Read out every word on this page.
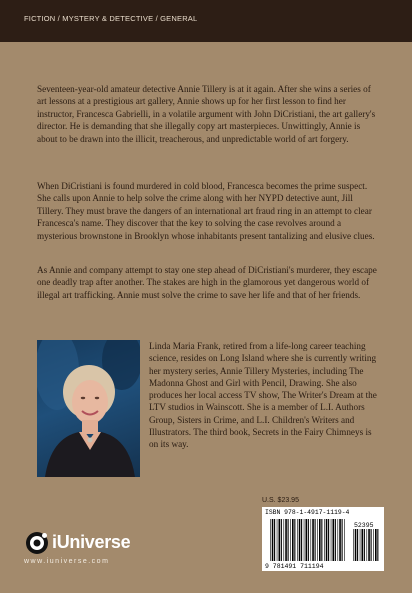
FICTION / MYSTERY & DETECTIVE / GENERAL

Seventeen-year-old amateur detective Annie Tillery is at it again. After she wins a series of art lessons at a prestigious art gallery, Annie shows up for her first lesson to find her instructor, Francesca Gabrielli, in a volatile argument with John DiCristiani, the art gallery's director. He is demanding that she illegally copy art masterpieces. Unwittingly, Annie is about to be drawn into the illicit, treacherous, and unpredictable world of art forgery.

When DiCristiani is found murdered in cold blood, Francesca becomes the prime suspect. She calls upon Annie to help solve the crime along with her NYPD detective aunt, Jill Tillery. They must brave the dangers of an international art fraud ring in an attempt to clear Francesca's name. They discover that the key to solving the case revolves around a mysterious brownstone in Brooklyn whose inhabitants present tantalizing and elusive clues.

As Annie and company attempt to stay one step ahead of DiCristiani's murderer, they escape one deadly trap after another. The stakes are high in the glamorous yet dangerous world of illegal art trafficking. Annie must solve the crime to save her life and that of her friends.

Linda Maria Frank, retired from a life-long career teaching science, resides on Long Island where she is currently writing her mystery series, Annie Tillery Mysteries, including The Madonna Ghost and Girl with Pencil, Drawing. She also produces her local access TV show, The Writer's Dream at the LTV studios in Wainscott. She is a member of L.I. Authors Group, Sisters in Crime, and L.I. Children's Writers and Illustrators. The third book, Secrets in the Fairy Chimneys is on its way.

U.S. $23.95
ISBN 978-1-4917-1119-4
52395
9 781491 711194
iUniverse
www.iuniverse.com
